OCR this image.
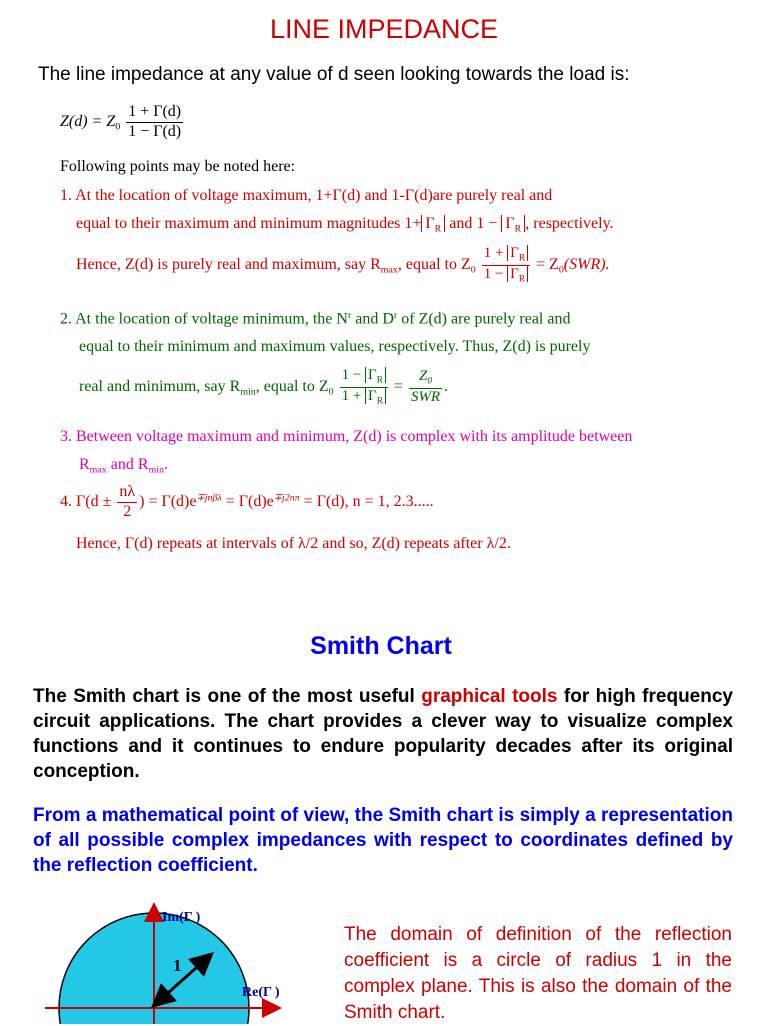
LINE IMPEDANCE
The line impedance at any value of d seen looking towards the load is:
$Z(d) = Z_0 \frac{1 + \Gamma(d)}{1 - \Gamma(d)}$
Following points may be noted here:
1. At the location of voltage maximum, 1+Γ(d) and 1-Γ(d)are purely real and
equal to their maximum and minimum magnitudes $1+ \Gamma_R$ and $1 - \Gamma_R$ , respectively.
Hence, Z(d) is purely real and maximum, say $R_{max}$, equal to $Z_0 \frac{1 + \Gamma_R}{1 - \Gamma_R} = Z_0(SWR)$.
2. At the location of voltage minimum, the $N^r$ and $D^r$ of Z(d) are purely real and
equal to their minimum and maximum values, respectively. Thus, Z(d) is purely
real and minimum, say $R_{min}$, equal to $Z_0 \frac{1 - \Gamma_R}{1 + \Gamma_R} = \frac{Z_0}{\text{SWR}}$ .
3. Between voltage maximum and minimum, Z(d) is complex with its amplitude between
$R_{max}$ and $R_{min}$.
4. $\Gamma(d \pm \frac{n\lambda}{2}$ ) = $\Gamma(d)e^{\mp jn\beta\lambda} = \Gamma(d)e^{\mp j2n\pi} = \Gamma(d)$, n = 1, 2.3.....
Hence, Γ(d) repeats at intervals of λ/2 and so, Z(d) repeats after λ/2.
Smith Chart
The Smith chart is one of the most useful graphical tools for high frequency circuit applications. The chart provides a clever way to visualize complex functions and it continues to endure popularity decades after its original conception.
From a mathematical point of view, the Smith chart is simply a representation of all possible complex impedances with respect to coordinates defined by the reflection coefficient.
The domain of definition of the reflection coefficient is a circle of radius 1 in the complex plane. This is also the domain of the Smith chart.
Im(Γ )
Re(Γ )
1
